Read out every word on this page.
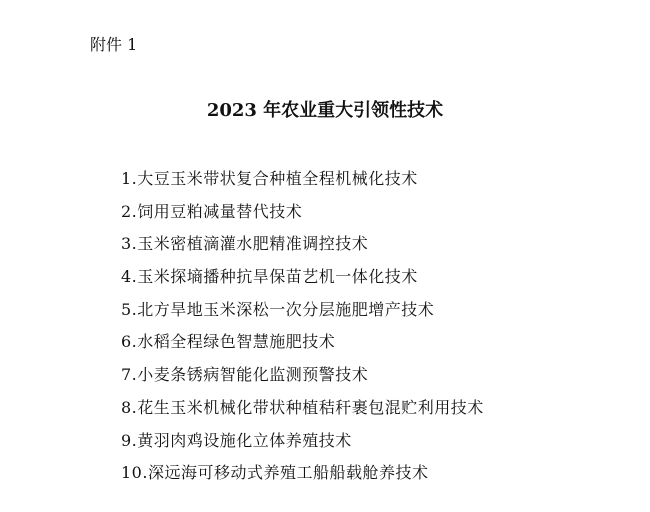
附件 1
2023 年农业重大引领性技术
1.大豆玉米带状复合种植全程机械化技术
2.饲用豆粕减量替代技术
3.玉米密植滴灌水肥精准调控技术
4.玉米探墒播种抗旱保苗艺机一体化技术
5.北方旱地玉米深松一次分层施肥增产技术
6.水稻全程绿色智慧施肥技术
7.小麦条锈病智能化监测预警技术
8.花生玉米机械化带状种植秸秆裹包混贮利用技术
9.黄羽肉鸡设施化立体养殖技术
10.深远海可移动式养殖工船船载舱养技术
